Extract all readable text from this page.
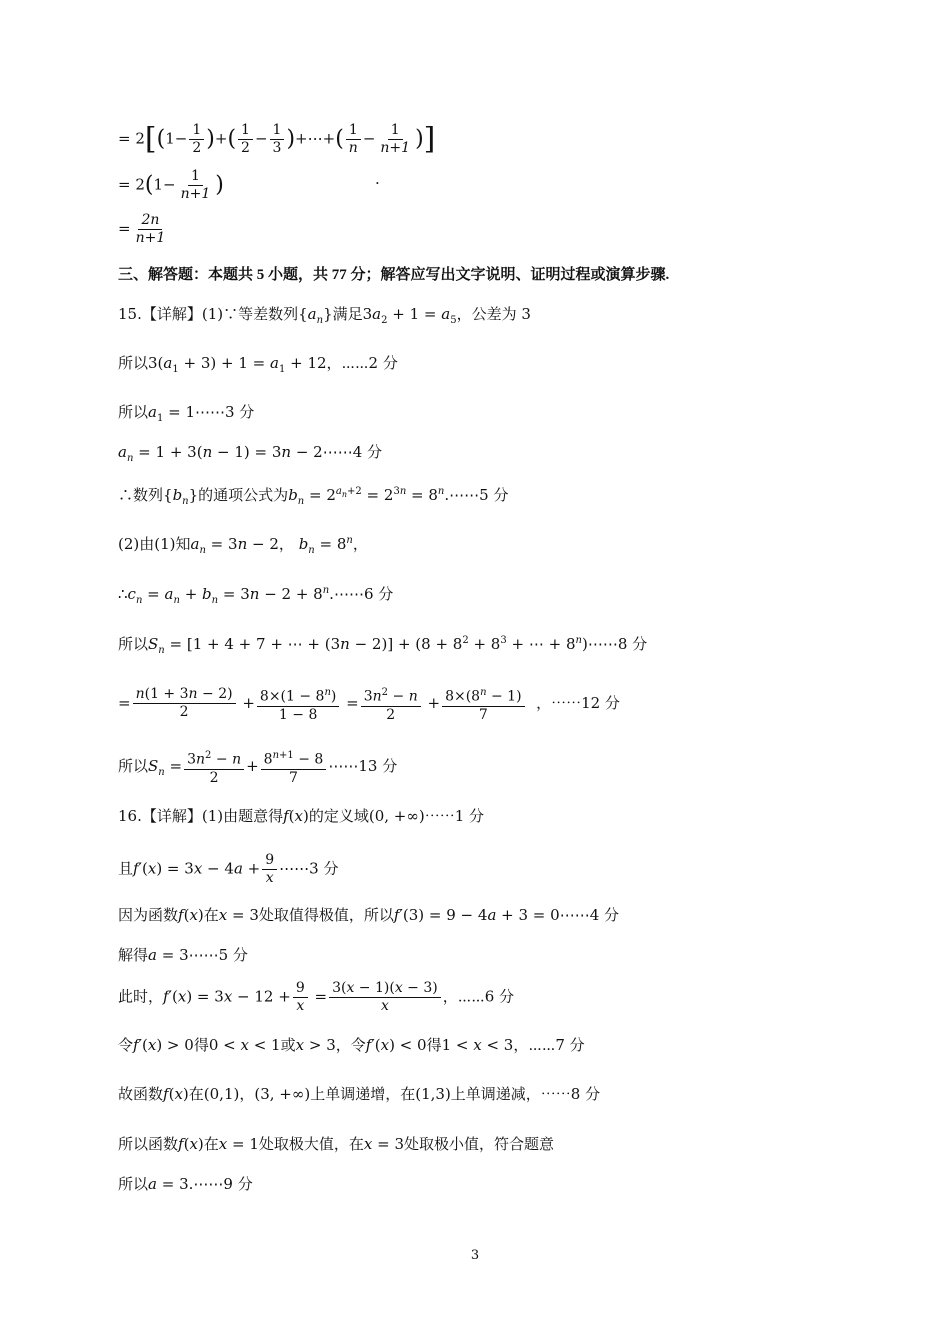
= $2[(1- \frac{1}{2}$ )+( $\frac{1}{2} - \frac{1}{3}$ )+⋯+( $\frac{1}{n} - \frac{1}{n+1}$ )]
= $2(1- \frac{1}{n+1}$ )	.
= $\frac{2n}{n+1}$
三、解答题：本题共 5 小题，共 77 分；解答应写出文字说明、证明过程或演算步骤.
15.【详解】(1)∵等差数列$\{a_n\}$满足$3a_2 + 1 = a_5$，公差为 3
所以$3(a_1 + 3) + 1 = a_1 + 12$，⋯⋯2 分
所以$a_1$ = 1⋯⋯3 分
$a_n = 1 + 3(n - 1) = 3n$ − 2⋯⋯4 分
∴数列$\{b_n\}$的通项公式为$b_n = 2^{a_n+2} = 2^{3n}$ = $8^n.\cdots\cdots 5$ 分
(2)由(1)知$a_n = 3n - 2$， $b_n = 8^n$，
$\therefore c_n = a_n + b_n = 3n - 2$ + $8^n.\cdots\cdots 6$ 分
所以$S_n = [1 + 4 + 7$ + ⋯ + $(3n - 2)] + (8 + 8^2 + 8^3$ + ⋯ + $8^n)\cdots\cdots 8$ 分
= $\frac{n(1 + 3n - 2)}{2} + \frac{8\times(1 - 8^n)}{1 - 8} = \frac{3n^2 - n}{2} + \frac{8\times(8^n - 1)}{7}$ ，⋯⋯12 分
所以$S_n = \frac{3n^2 - n}{2} + \frac{8^{n+1} - 8}{7}$ ⋯⋯13 分
16.【详解】(1)由题意得f(x)的定义域(0, +∞)⋯⋯1 分
且$f'(x) = 3x - 4a + \frac{9}{x}$ ⋯⋯3 分
因为函数f(x)在x = 3处取值得极值，所以f′(3) = 9 − 4a + 3 = 0⋯⋯4 分
解得a = 3⋯⋯5 分
此时，$f'(x) = 3x - 12 + \frac{9}{x} = \frac{3(x - 1)(x - 3)}{x}$ ，⋯⋯6 分
令f′(x) > 0得0 < x < 1或x > 3，令f′(x) < 0得1 < x < 3，⋯⋯7 分
故函数f(x)在(0,1)，(3, +∞)上单调递增，在(1,3)上单调递减，⋯⋯8 分
所以函数f(x)在x = 1处取极大值，在x = 3处取极小值，符合题意
所以a = 3.⋯⋯9 分
3
